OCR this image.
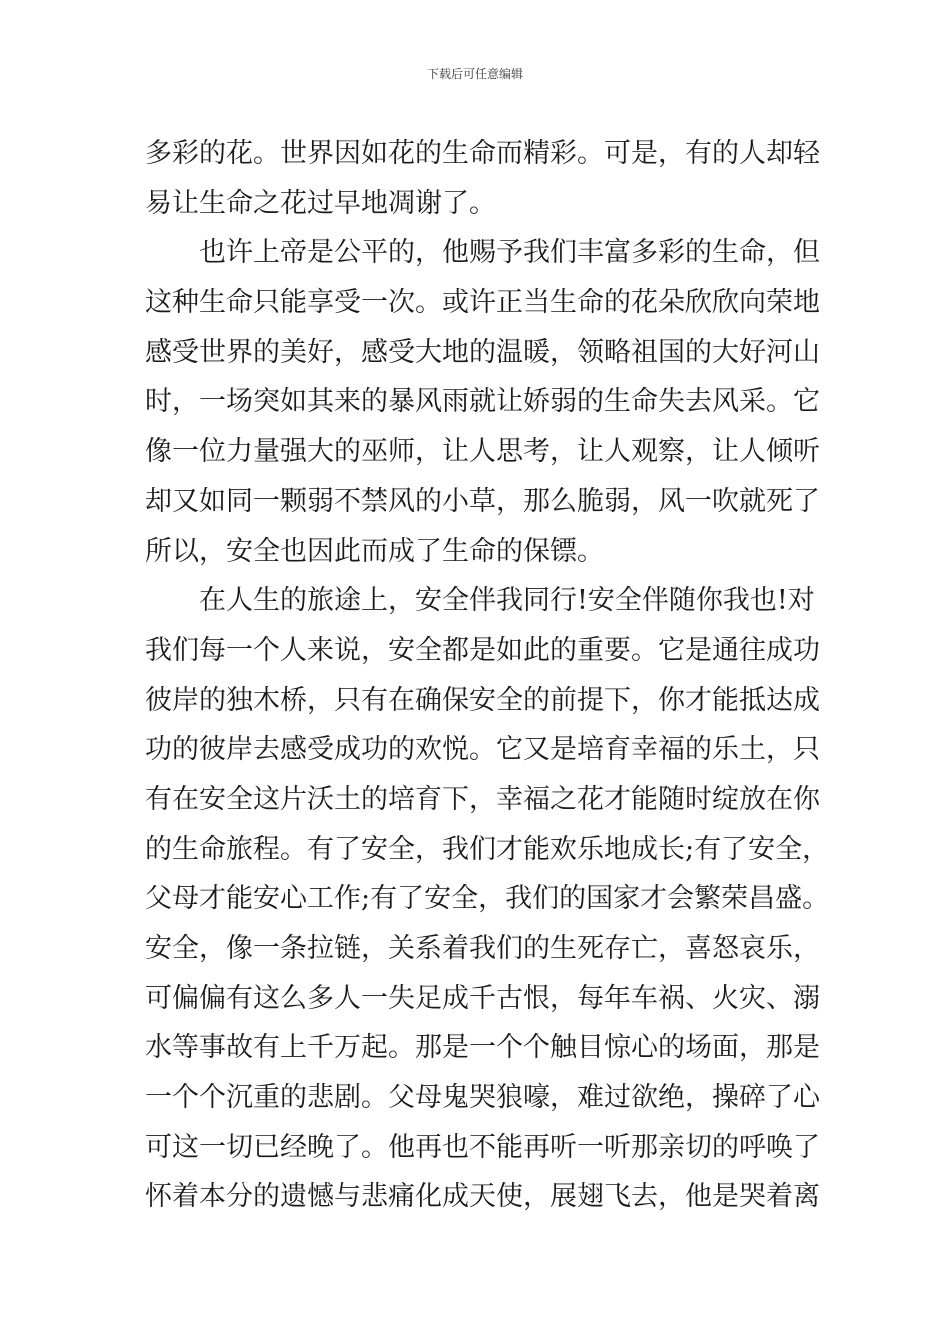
下载后可任意编辑
多彩的花。世界因如花的生命而精彩。可是，有的人却轻
易让生命之花过早地凋谢了。
也许上帝是公平的，他赐予我们丰富多彩的生命，但
这种生命只能享受一次。或许正当生命的花朵欣欣向荣地
感受世界的美好，感受大地的温暖，领略祖国的大好河山
时，一场突如其来的暴风雨就让娇弱的生命失去风采。它
像一位力量强大的巫师，让人思考，让人观察，让人倾听
却又如同一颗弱不禁风的小草，那么脆弱，风一吹就死了
所以，安全也因此而成了生命的保镖。
在人生的旅途上，安全伴我同行!安全伴随你我也!对
我们每一个人来说，安全都是如此的重要。它是通往成功
彼岸的独木桥，只有在确保安全的前提下，你才能抵达成
功的彼岸去感受成功的欢悦。它又是培育幸福的乐土，只
有在安全这片沃土的培育下，幸福之花才能随时绽放在你
的生命旅程。有了安全，我们才能欢乐地成长;有了安全，
父母才能安心工作;有了安全，我们的国家才会繁荣昌盛。
安全，像一条拉链，关系着我们的生死存亡，喜怒哀乐，
可偏偏有这么多人一失足成千古恨，每年车祸、火灾、溺
水等事故有上千万起。那是一个个触目惊心的场面，那是
一个个沉重的悲剧。父母鬼哭狼嚎，难过欲绝，操碎了心
可这一切已经晚了。他再也不能再听一听那亲切的呼唤了
怀着本分的遗憾与悲痛化成天使，展翅飞去，他是哭着离
